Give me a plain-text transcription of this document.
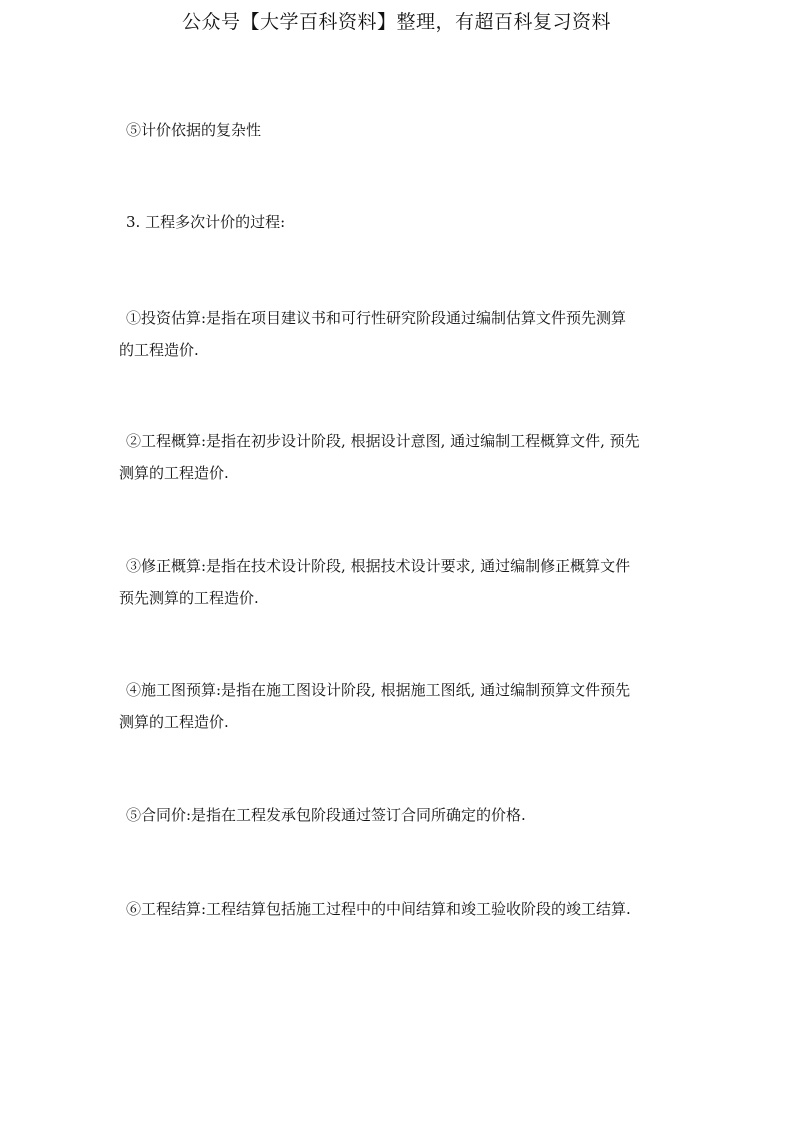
公众号【大学百科资料】整理，有超百科复习资料
⑤计价依据的复杂性
3. 工程多次计价的过程:
①投资估算:是指在项目建议书和可行性研究阶段通过编制估算文件预先测算
的工程造价.
②工程概算:是指在初步设计阶段, 根据设计意图, 通过编制工程概算文件, 预先
测算的工程造价.
③修正概算:是指在技术设计阶段, 根据技术设计要求, 通过编制修正概算文件
预先测算的工程造价.
④施工图预算:是指在施工图设计阶段, 根据施工图纸, 通过编制预算文件预先
测算的工程造价.
⑤合同价:是指在工程发承包阶段通过签订合同所确定的价格.
⑥工程结算:工程结算包括施工过程中的中间结算和竣工验收阶段的竣工结算.
